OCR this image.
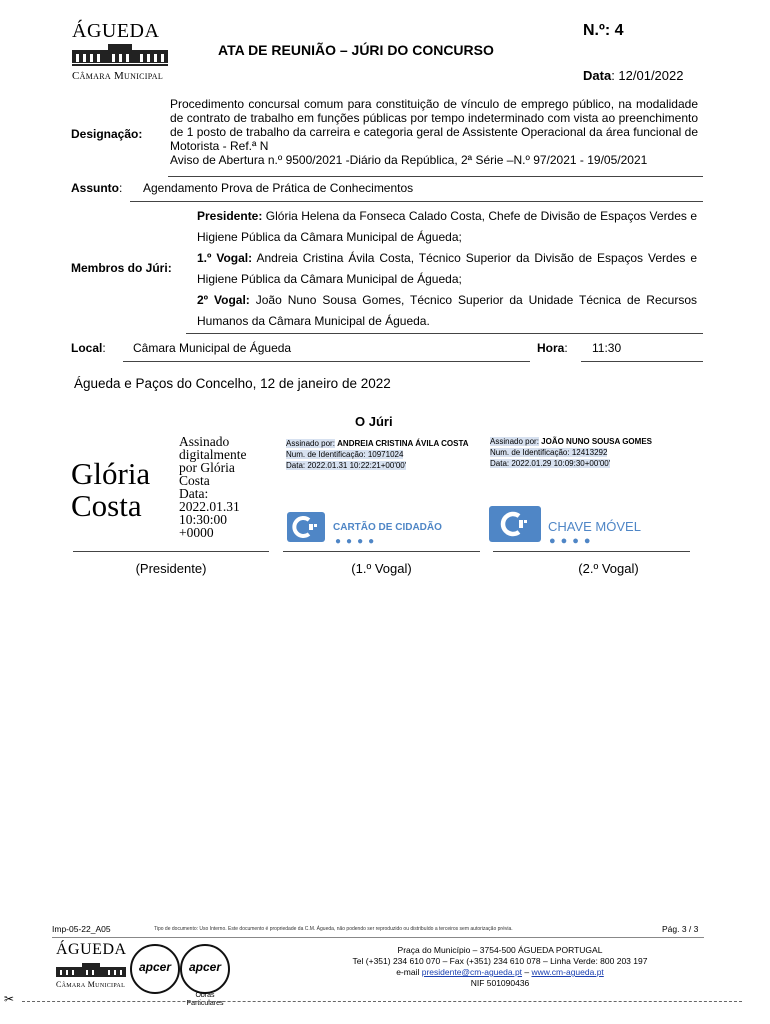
ÁGUEDA
Câmara Municipal
ATA DE REUNIÃO – JÚRI DO CONCURSO
N.º: 4
Data: 12/01/2022
Designação:
Procedimento concursal comum para constituição de vínculo de emprego público, na modalidade de contrato de trabalho em funções públicas por tempo indeterminado com vista ao preenchimento de 1 posto de trabalho da carreira e categoria geral de Assistente Operacional da área funcional de Motorista - Ref.ª N
Aviso de Abertura n.º 9500/2021 -Diário da República, 2ª Série –N.º 97/2021 - 19/05/2021
Assunto: Agendamento Prova de Prática de Conhecimentos
Membros do Júri:
Presidente: Glória Helena da Fonseca Calado Costa, Chefe de Divisão de Espaços Verdes e Higiene Pública da Câmara Municipal de Águeda;
1.º Vogal: Andreia Cristina Ávila Costa, Técnico Superior da Divisão de Espaços Verdes e Higiene Pública da Câmara Municipal de Águeda;
2º Vogal: João Nuno Sousa Gomes, Técnico Superior da Unidade Técnica de Recursos Humanos da Câmara Municipal de Águeda.
Local: Câmara Municipal de Águeda	Hora: 11:30
Águeda e Paços do Concelho, 12 de janeiro de 2022
O Júri
Glória
Costa
Assinado
digitalmente
por Glória
Costa
Data:
2022.01.31
10:30:00
+0000
Assinado por: ANDREIA CRISTINA ÁVILA COSTA
Num. de Identificação: 10971024
Data: 2022.01.31 10:22:21+00'00'
CARTÃO DE CIDADÃO
●●●●
Assinado por: JOÃO NUNO SOUSA GOMES
Num. de Identificação: 12413292
Data: 2022.01.29 10:09:30+00'00'
CHAVE MÓVEL
●●●●
(Presidente)	(1.º Vogal)	(2.º Vogal)
Imp-05-22_A05	Tipo de documento: Uso Interno. Este documento é propriedade da C.M. Águeda, não podendo ser reproduzido ou distribuído a terceiros sem autorização prévia.	Pág. 3 / 3
ÁGUEDA
Câmara Municipal
apcer	apcer
Obras Particulares
Praça do Município – 3754-500 ÁGUEDA PORTUGAL
Tel (+351) 234 610 070 – Fax (+351) 234 610 078 – Linha Verde: 800 203 197
e-mail presidente@cm-agueda.pt – www.cm-agueda.pt
NIF 501090436
✂
